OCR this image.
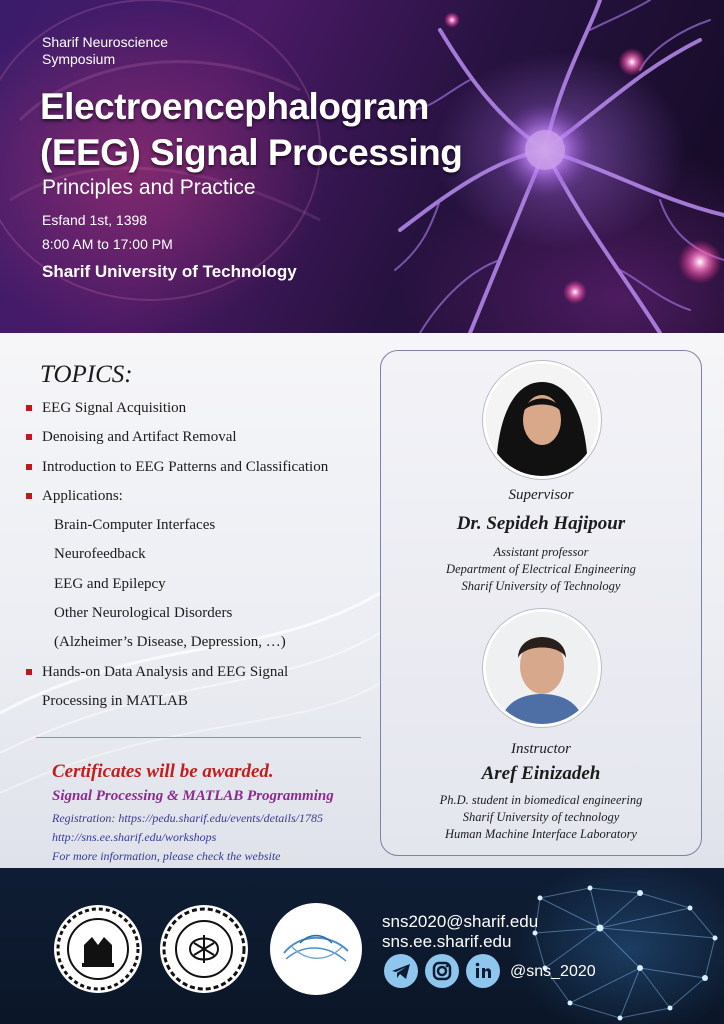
Sharif Neuroscience Symposium
Electroencephalogram
(EEG) Signal Processing
Principles and Practice
Esfand 1st, 1398
8:00 AM to 17:00 PM
Sharif University of Technology
TOPICS:
EEG Signal Acquisition
Denoising and Artifact Removal
Introduction to EEG Patterns and Classification
Applications:
Brain-Computer Interfaces
Neurofeedback
EEG and Epilepcy
Other Neurological Disorders
(Alzheimer’s Disease, Depression, …)
Hands-on Data Analysis and EEG Signal
Processing in MATLAB
Certificates will be awarded.
Signal Processing & MATLAB Programming
Registration: https://pedu.sharif.edu/events/details/1785
http://sns.ee.sharif.edu/workshops
For more information, please check the website
Supervisor
Dr. Sepideh Hajipour
Assistant professor
Department of Electrical Engineering
Sharif University of Technology
Instructor
Aref Einizadeh
Ph.D. student in biomedical engineering
Sharif University of technology
Human Machine Interface Laboratory
sns2020@sharif.edu
sns.ee.sharif.edu
@sns_2020
